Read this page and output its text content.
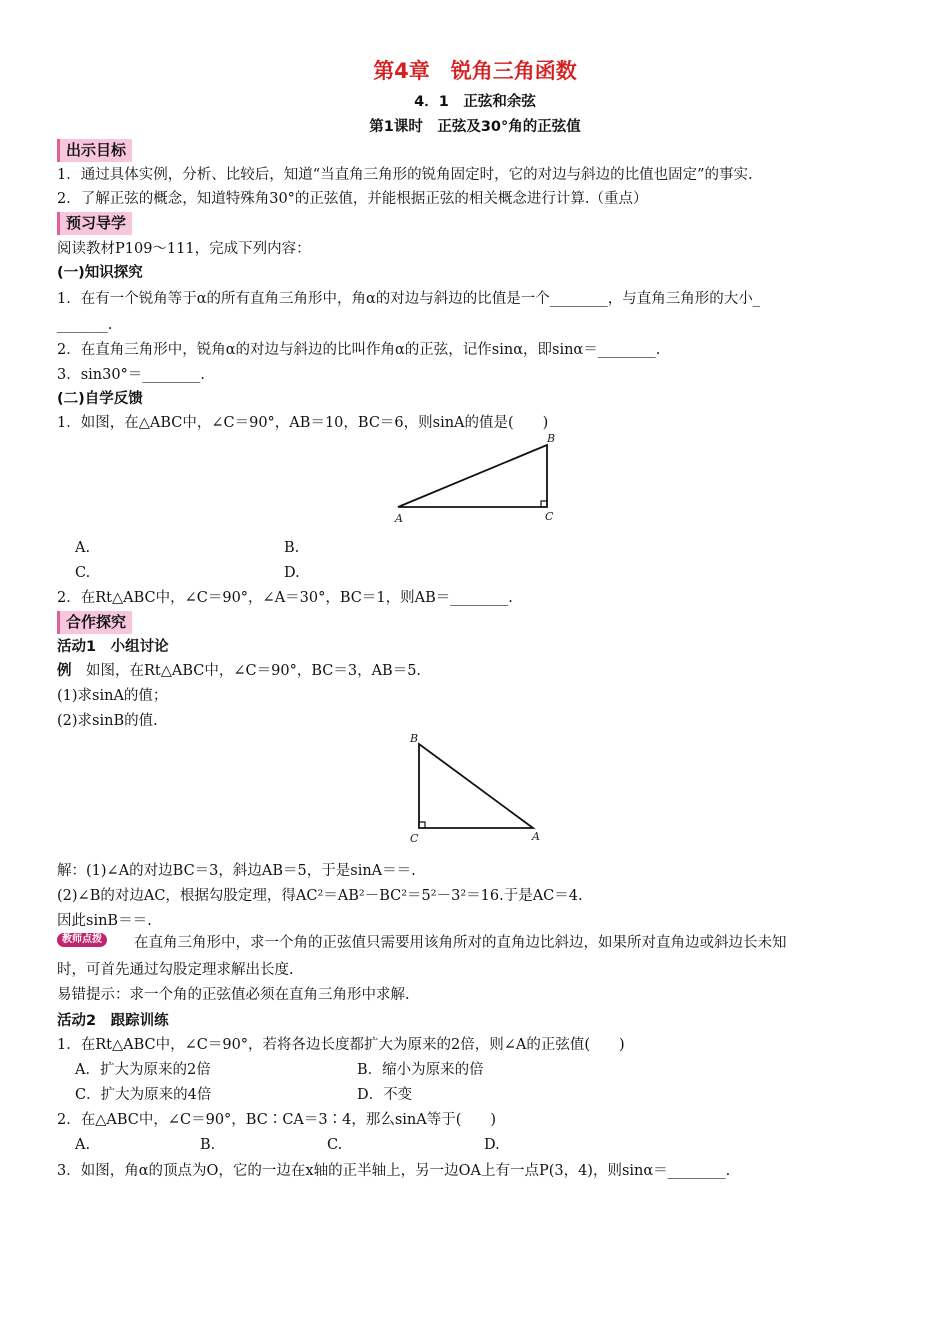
第4章　锐角三角函数
4．1　正弦和余弦
第1课时　正弦及30°角的正弦值
出示目标
1．通过具体实例，分析、比较后，知道“当直角三角形的锐角固定时，它的对边与斜边的比值也固定”的事实.
2．了解正弦的概念，知道特殊角30°的正弦值，并能根据正弦的相关概念进行计算.（重点）
预习导学
阅读教材P109～111，完成下列内容：
(一)知识探究
1．在有一个锐角等于α的所有直角三角形中，角α的对边与斜边的比值是一个________，与直角三角形的大小_
_______.
2．在直角三角形中，锐角α的对边与斜边的比叫作角α的正弦，记作sinα，即sinα＝________.
3．sin30°＝________.
(二)自学反馈
1．如图，在△ABC中，∠C＝90°，AB＝10，BC＝6，则sinA的值是(　　)
B
A	C
A.	B.
C.	D.
2．在Rt△ABC中，∠C＝90°，∠A＝30°，BC＝1，则AB＝________.
合作探究
活动1　小组讨论
例　如图，在Rt△ABC中，∠C＝90°，BC＝3，AB＝5.
(1)求sinA的值；
(2)求sinB的值.
B
C	A
解：(1)∠A的对边BC＝3，斜边AB＝5，于是sinA＝＝.
(2)∠B的对边AC，根据勾股定理，得AC²＝AB²－BC²＝5²－3²＝16.于是AC＝4.
因此sinB＝＝.
教师点拨	在直角三角形中，求一个角的正弦值只需要用该角所对的直角边比斜边，如果所对直角边或斜边长未知
时，可首先通过勾股定理求解出长度.
易错提示：求一个角的正弦值必须在直角三角形中求解.
活动2　跟踪训练
1．在Rt△ABC中，∠C＝90°，若将各边长度都扩大为原来的2倍，则∠A的正弦值(　　)
A．扩大为原来的2倍	B．缩小为原来的倍
C．扩大为原来的4倍	D．不变
2．在△ABC中，∠C＝90°，BC∶CA＝3∶4，那么sinA等于(　　)
A.	B.	C.	D.
3．如图，角α的顶点为O，它的一边在x轴的正半轴上，另一边OA上有一点P(3，4)，则sinα＝________.
